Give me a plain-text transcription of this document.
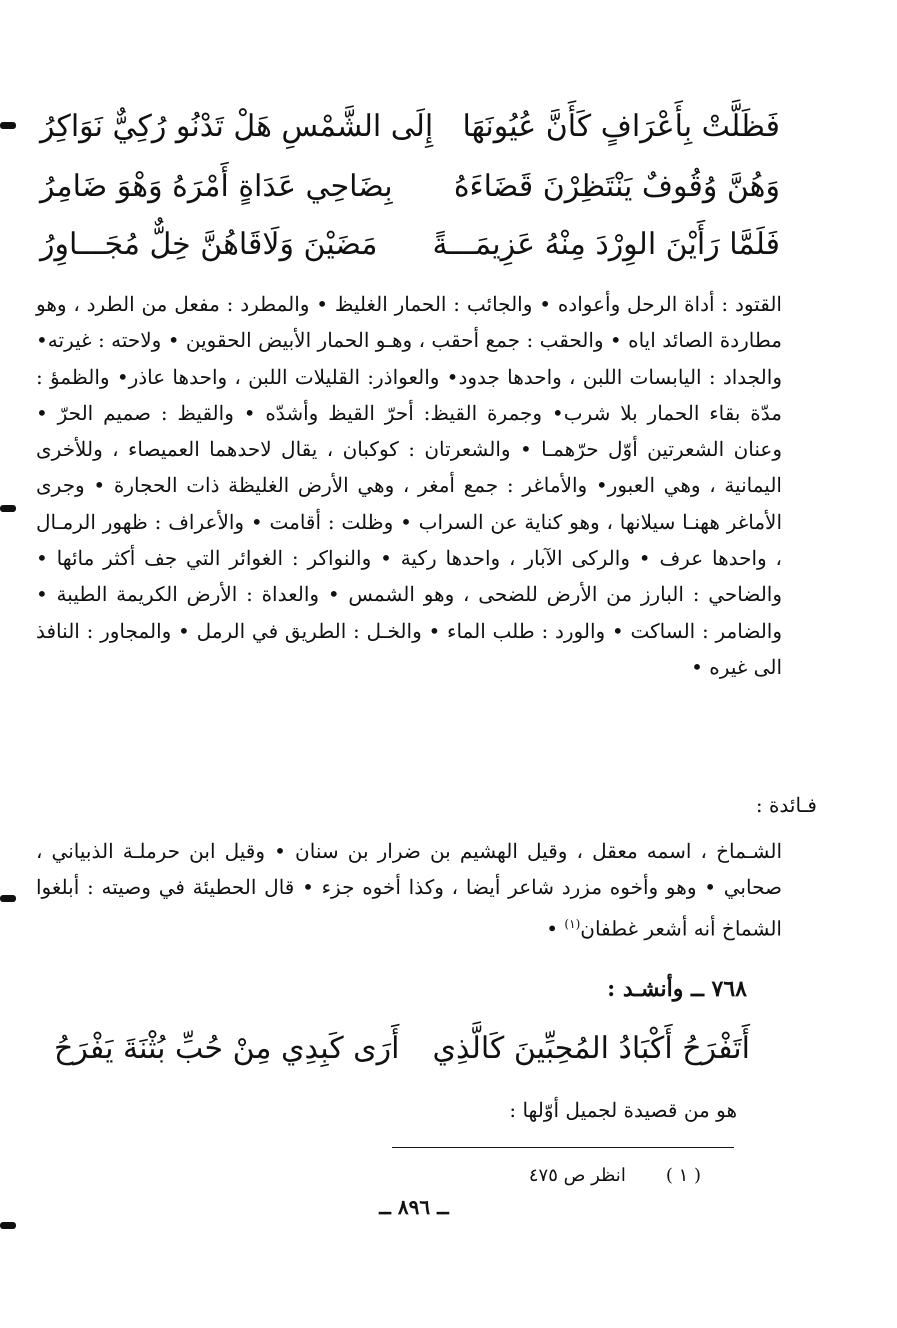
فَظَلَّتْ بِأَعْرَافٍ كَأَنَّ عُيُونَهَا
إِلَى الشَّمْسِ هَلْ تَدْنُو رُكِيٌّ نَوَاكِرُ
وَهُنَّ وُقُوفٌ يَنْتَظِرْنَ قَضَاءَهُ
بِضَاحِي عَدَاةٍ أَمْرَهُ وَهْوَ ضَامِرُ
فَلَمَّا رَأَيْنَ الوِرْدَ مِنْهُ عَزِيمَـــةً
مَضَيْنَ وَلَاقَاهُنَّ خِلٌّ مُجَـــاوِرُ

القتود : أداة الرحل وأعواده • والجائب : الحمار الغليظ • والمطرد : مفعل من الطرد ، وهو مطاردة الصائد اياه • والحقب : جمع أحقب ، وهـو الحمار الأبيض الحقوين • ولاحته : غيرته• والجداد : اليابسات اللبن ، واحدها جدود• والعواذر: القليلات اللبن ، واحدها عاذر• والظمؤ : مدّة بقاء الحمار بلا شرب• وجمرة القيظ: أحرّ القيظ وأشدّه • والقيظ : صميم الحرّ • وعنان الشعرتين أوّل حرّهمـا • والشعرتان : كوكبان ، يقال لاحدهما العميصاء ، وللأخرى اليمانية ، وهي العبور• والأماغر : جمع أمغر ، وهي الأرض الغليظة ذات الحجارة • وجرى الأماغر ههنـا سيلانها ، وهو كناية عن السراب • وظلت : أقامت • والأعراف : ظهور الرمـال ، واحدها عرف • والركى الآبار ، واحدها ركية • والنواكر : الغوائر التي جف أكثر مائها • والضاحي : البارز من الأرض للضحى ، وهو الشمس • والعداة : الأرض الكريمة الطيبة • والضامر : الساكت • والورد : طلب الماء • والخـل : الطريق في الرمل • والمجاور : النافذ الى غيره •

فـائدة :

الشـماخ ، اسمه معقل ، وقيل الهشيم بن ضرار بن سنان • وقيل ابن حرملـة الذبياني ، صحابي • وهو وأخوه مزرد شاعر أيضا ، وكذا أخوه جزء • قال الحطيئة في وصيته : أبلغوا الشماخ أنه أشعر غطفان$^{(١)}$ •

٧٦٨ ــ وأنشـد :
أَتَفْرَحُ أَكْبَادُ المُحِبِّينَ كَالَّذِي
أَرَى كَبِدِي مِنْ حُبِّ بُثْنَةَ يَفْرَحُ
هو من قصيدة لجميل أوّلها :
( ١ )انظر ص ٤٧٥
ــ ٨٩٦ ــ
